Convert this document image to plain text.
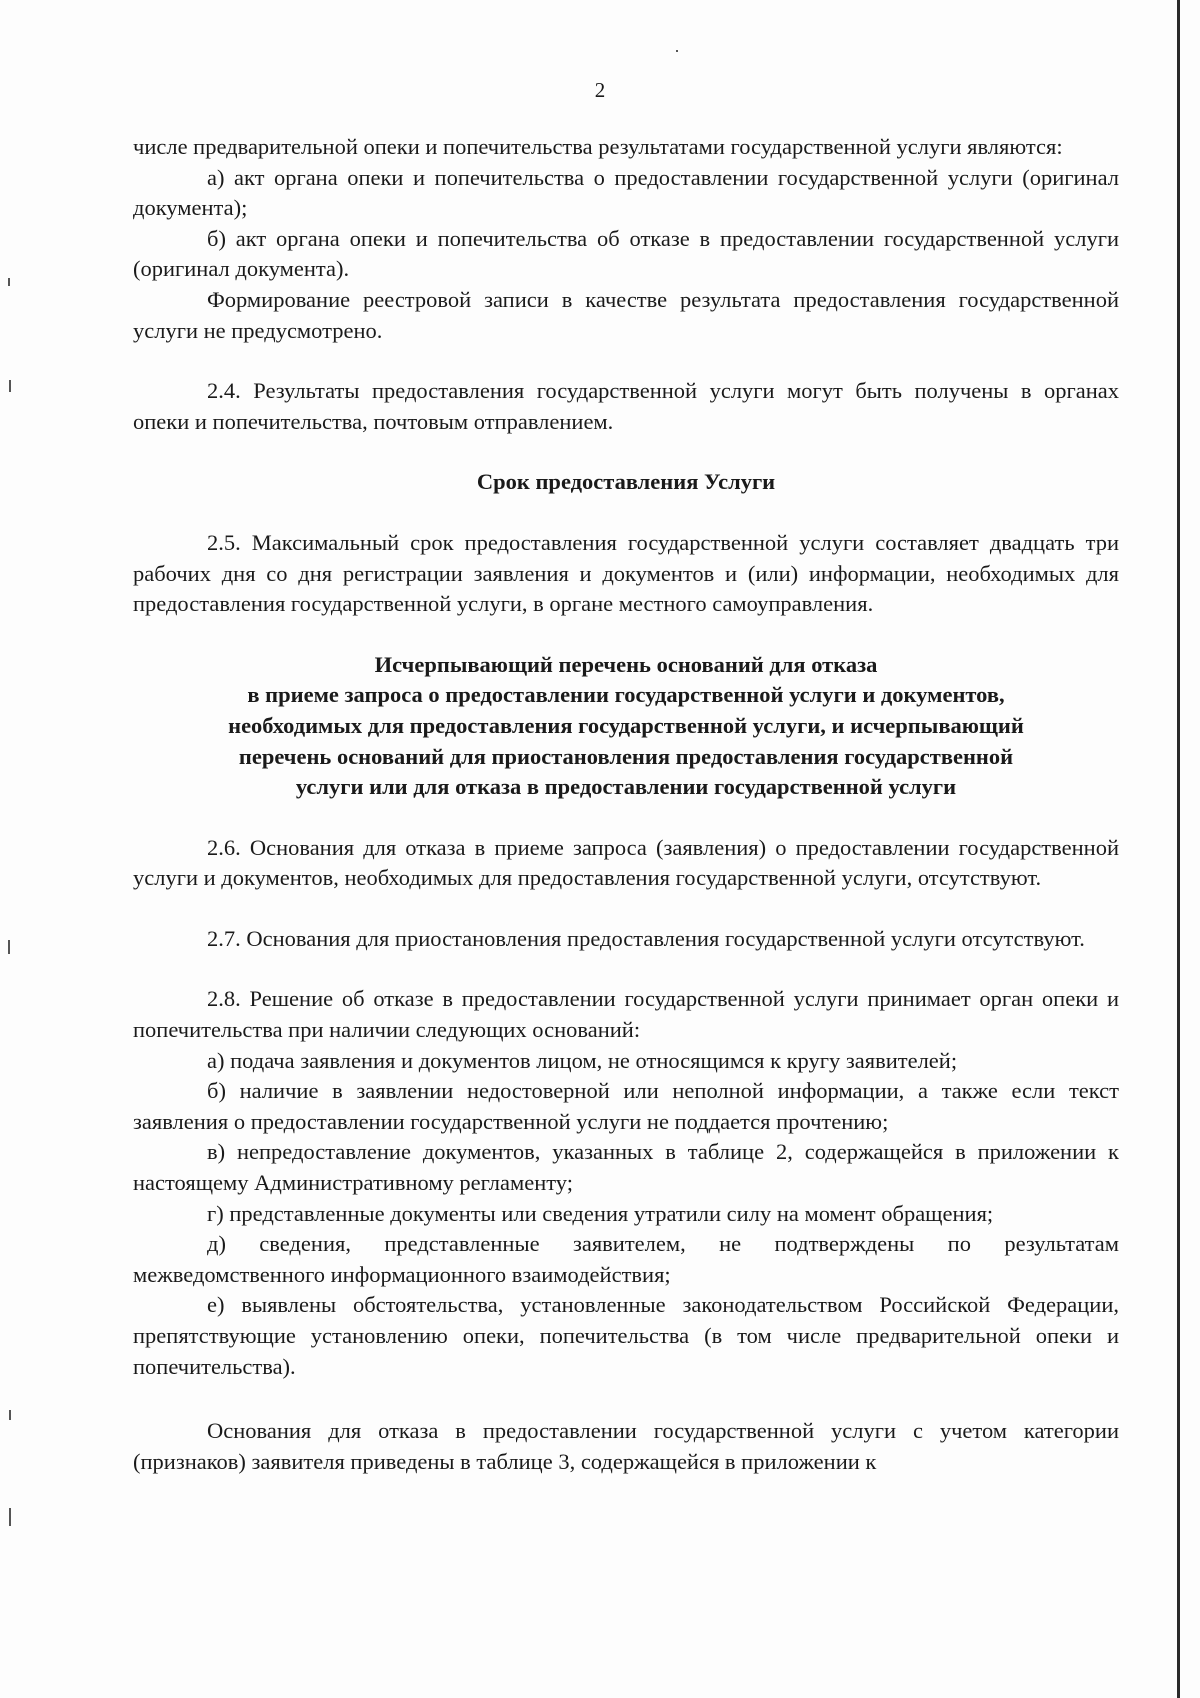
2

числе предварительной опеки и попечительства результатами государственной услуги являются:

а) акт органа опеки и попечительства о предоставлении государственной услуги (оригинал документа);

б) акт органа опеки и попечительства об отказе в предоставлении государственной услуги (оригинал документа).

Формирование реестровой записи в качестве результата предоставления государственной услуги не предусмотрено.

2.4. Результаты предоставления государственной услуги могут быть получены в органах опеки и попечительства, почтовым отправлением.

Срок предоставления Услуги

2.5. Максимальный срок предоставления государственной услуги составляет двадцать три рабочих дня со дня регистрации заявления и документов и (или) информации, необходимых для предоставления государственной услуги, в органе местного самоуправления.

Исчерпывающий перечень оснований для отказа
в приеме запроса о предоставлении государственной услуги и документов,
необходимых для предоставления государственной услуги, и исчерпывающий
перечень оснований для приостановления предоставления государственной
услуги или для отказа в предоставлении государственной услуги

2.6. Основания для отказа в приеме запроса (заявления) о предоставлении государственной услуги и документов, необходимых для предоставления государственной услуги, отсутствуют.

2.7. Основания для приостановления предоставления государственной услуги отсутствуют.

2.8. Решение об отказе в предоставлении государственной услуги принимает орган опеки и попечительства при наличии следующих оснований:

а) подача заявления и документов лицом, не относящимся к кругу заявителей;

б) наличие в заявлении недостоверной или неполной информации, а также если текст заявления о предоставлении государственной услуги не поддается прочтению;

в) непредоставление документов, указанных в таблице 2, содержащейся в приложении к настоящему Административному регламенту;

г) представленные документы или сведения утратили силу на момент обращения;

д) сведения, представленные заявителем, не подтверждены по результатам межведомственного информационного взаимодействия;

е) выявлены обстоятельства, установленные законодательством Российской Федерации, препятствующие установлению опеки, попечительства (в том числе предварительной опеки и попечительства).

Основания для отказа в предоставлении государственной услуги с учетом категории (признаков) заявителя приведены в таблице 3, содержащейся в приложении к
